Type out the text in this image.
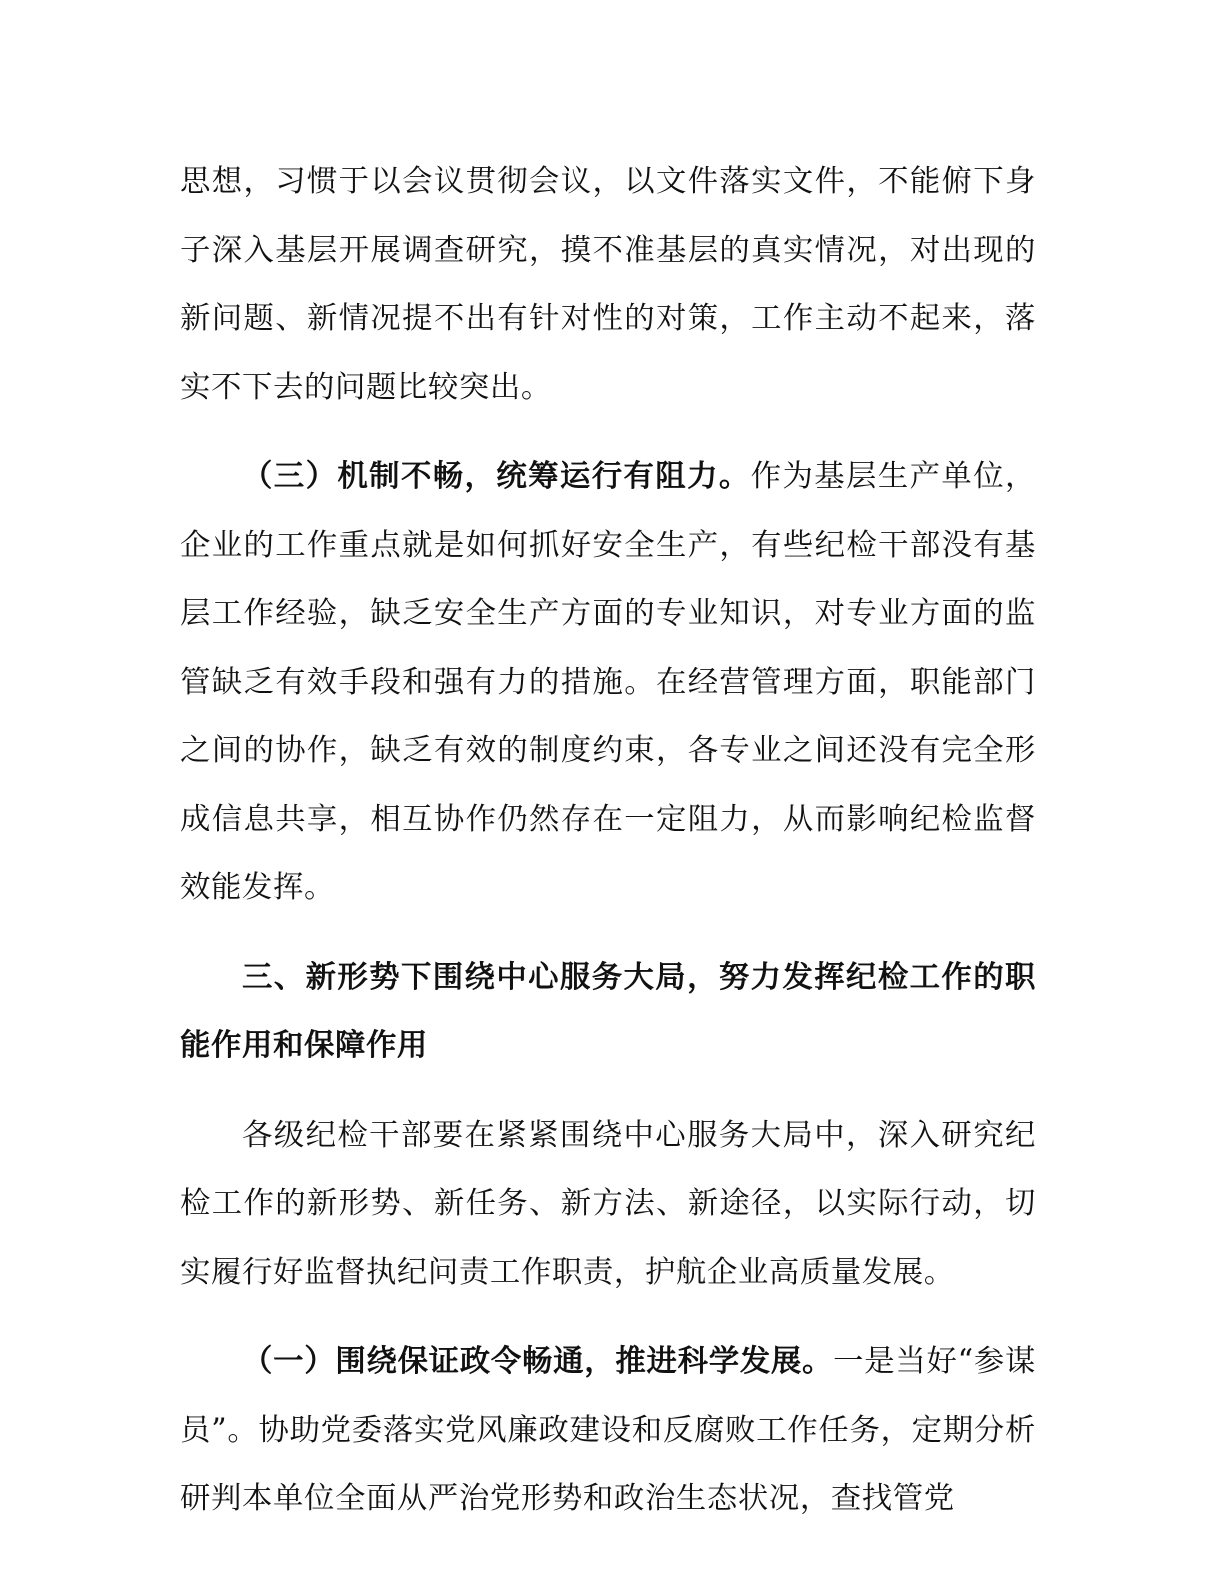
思想，习惯于以会议贯彻会议，以文件落实文件，不能俯下身子深入基层开展调查研究，摸不准基层的真实情况，对出现的新问题、新情况提不出有针对性的对策，工作主动不起来，落实不下去的问题比较突出。

（三）机制不畅，统筹运行有阻力。作为基层生产单位，企业的工作重点就是如何抓好安全生产，有些纪检干部没有基层工作经验，缺乏安全生产方面的专业知识，对专业方面的监管缺乏有效手段和强有力的措施。在经营管理方面，职能部门之间的协作，缺乏有效的制度约束，各专业之间还没有完全形成信息共享，相互协作仍然存在一定阻力，从而影响纪检监督效能发挥。

三、新形势下围绕中心服务大局，努力发挥纪检工作的职能作用和保障作用

各级纪检干部要在紧紧围绕中心服务大局中，深入研究纪检工作的新形势、新任务、新方法、新途径，以实际行动，切实履行好监督执纪问责工作职责，护航企业高质量发展。

（一）围绕保证政令畅通，推进科学发展。一是当好“参谋员”。协助党委落实党风廉政建设和反腐败工作任务，定期分析研判本单位全面从严治党形势和政治生态状况，查找管党
